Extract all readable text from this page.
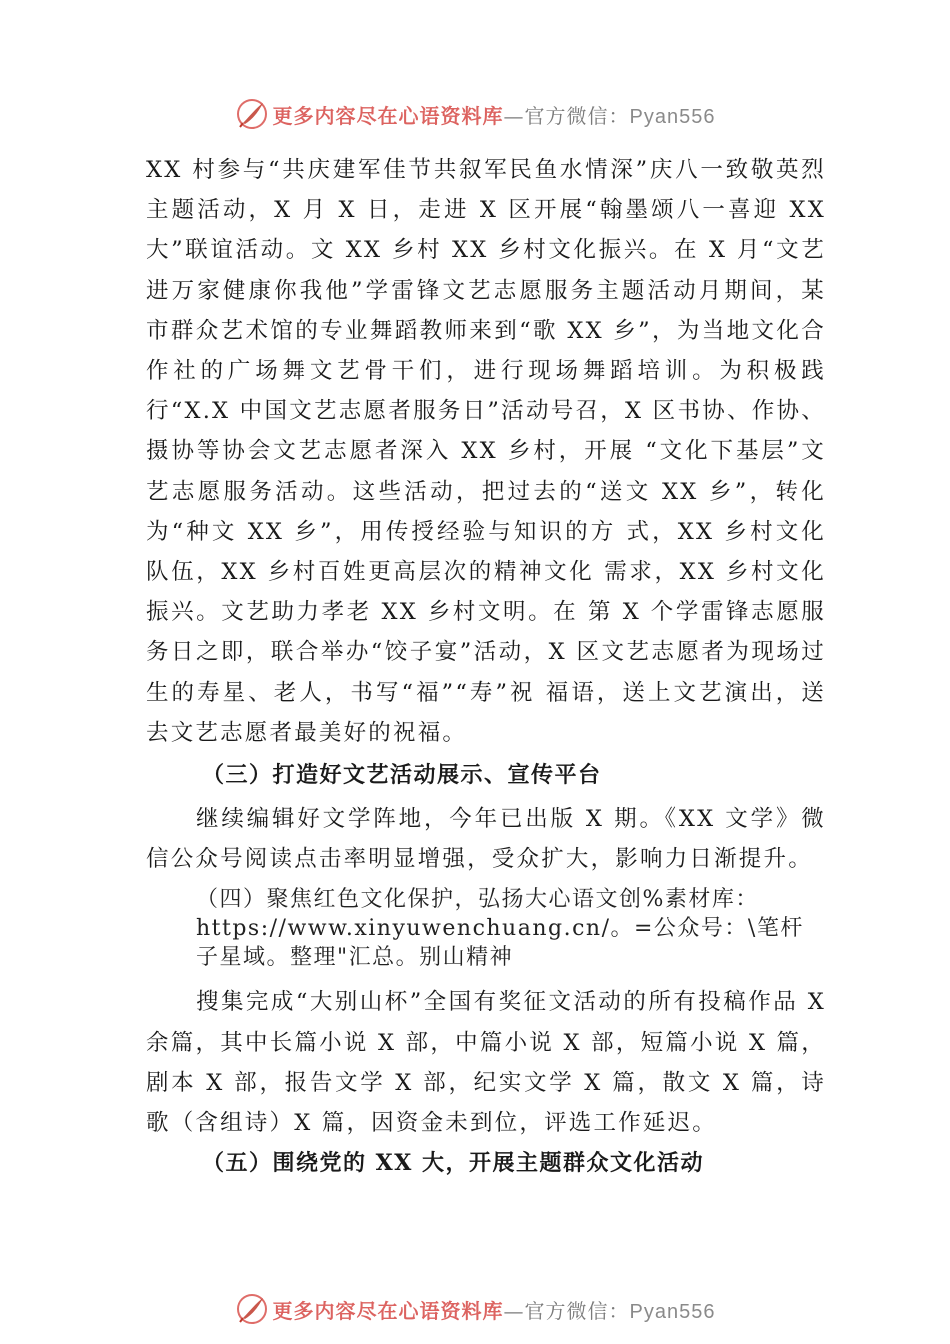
更多内容尽在心语资料库—官方微信：Pyan556

XX 村参与“共庆建军佳节共叙军民鱼水情深”庆八一致敬英烈主题活动，X 月 X 日，走进 X 区开展“翰墨颂八一喜迎 XX 大”联谊活动。文 XX 乡村 XX 乡村文化振兴。在 X 月“文艺进万家健康你我他”学雷锋文艺志愿服务主题活动月期间，某市群众艺术馆的专业舞蹈教师来到“歌 XX 乡”，为当地文化合作社的广场舞文艺骨干们，进行现场舞蹈培训。为积极践行“X.X 中国文艺志愿者服务日”活动号召，X 区书协、作协、摄协等协会文艺志愿者深入 XX 乡村，开展 “文化下基层”文艺志愿服务活动。这些活动，把过去的“送文 XX 乡”，转化为“种文 XX 乡”，用传授经验与知识的方 式，XX 乡村文化队伍，XX 乡村百姓更高层次的精神文化 需求，XX 乡村文化振兴。文艺助力孝老 XX 乡村文明。在 第 X 个学雷锋志愿服务日之即，联合举办“饺子宴”活动，X 区文艺志愿者为现场过生的寿星、老人，书写“福”“寿”祝 福语，送上文艺演出，送去文艺志愿者最美好的祝福。

（三）打造好文艺活动展示、宣传平台

继续编辑好文学阵地，今年已出版 X 期。《XX 文学》微信公众号阅读点击率明显增强，受众扩大，影响力日渐提升。

（四）聚焦红色文化保护，弘扬大心语文创%素材库：https://www.xinyuwenchuang.cn/。=公众号：\笔杆子星域。整理"汇总。别山精神

搜集完成“大别山杯”全国有奖征文活动的所有投稿作品 X 余篇，其中长篇小说 X 部，中篇小说 X 部，短篇小说 X 篇，剧本 X 部，报告文学 X 部，纪实文学 X 篇，散文 X 篇，诗歌（含组诗）X 篇，因资金未到位，评选工作延迟。

（五）围绕党的 XX 大，开展主题群众文化活动

更多内容尽在心语资料库—官方微信：Pyan556
